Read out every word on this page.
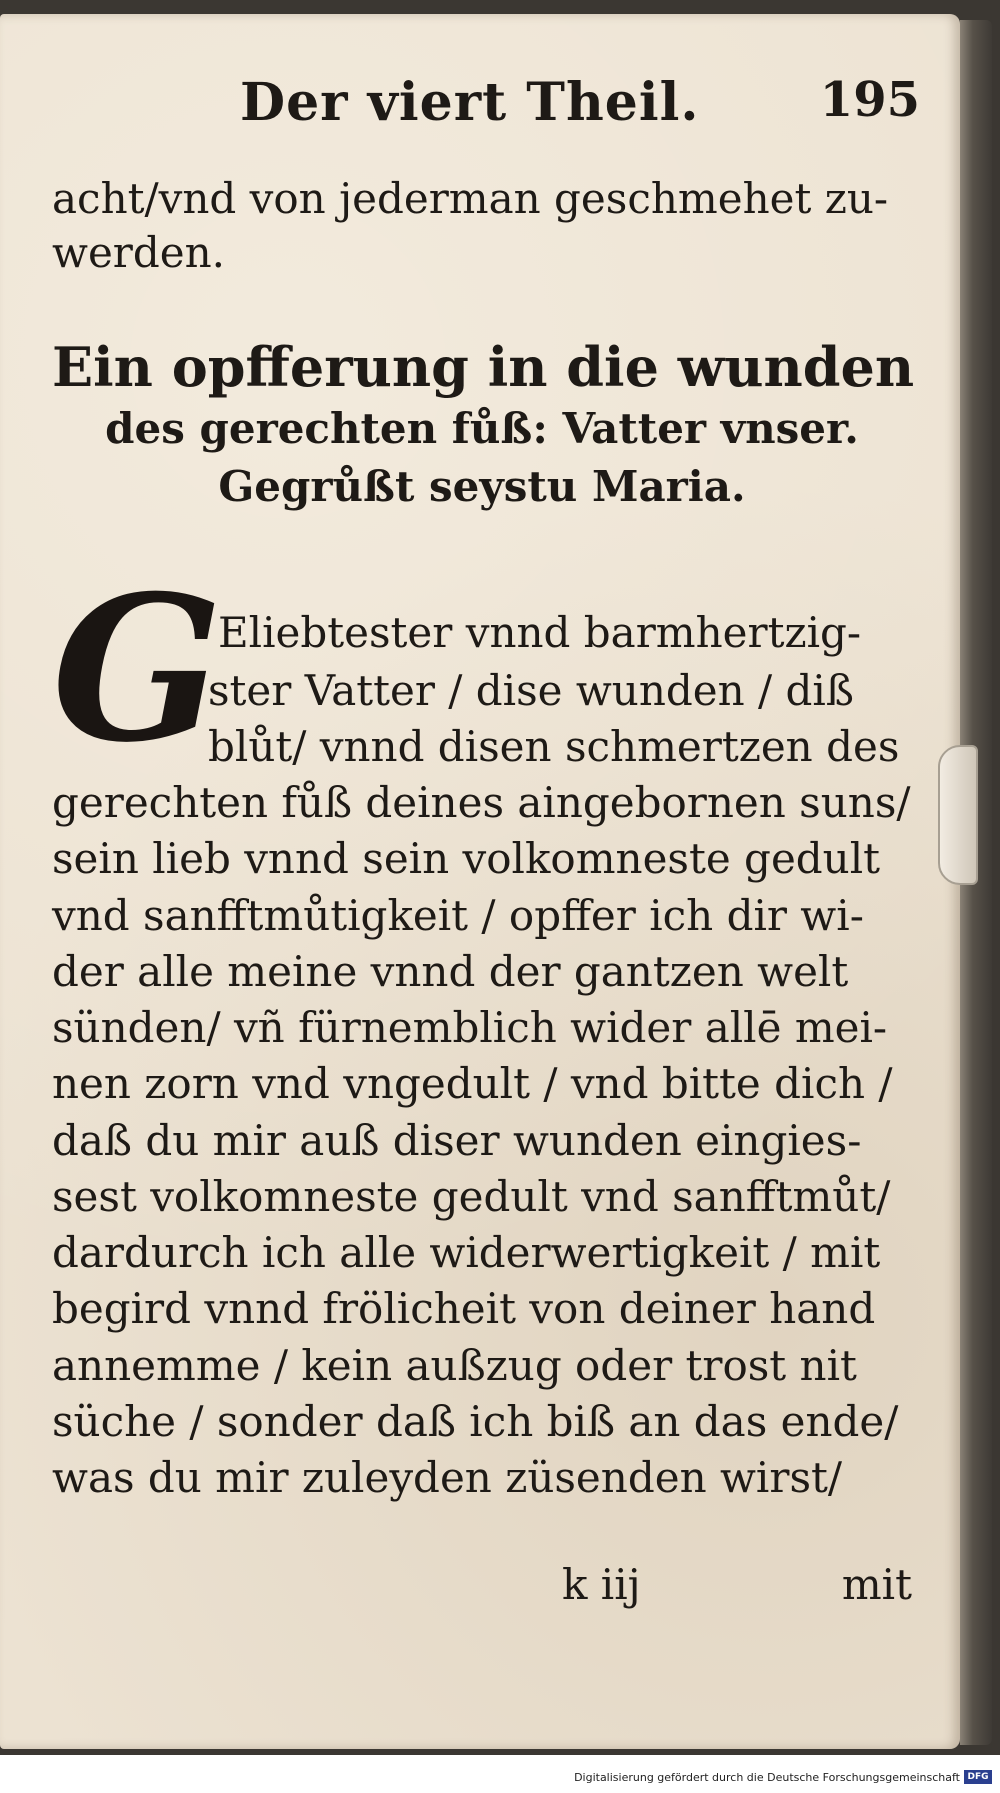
Der viert Theil.	195
acht/vnd von jederman geschmehet zu-
werden.
Ein opfferung in die wunden
des gerechten fůß: Vatter vnser.
Gegrůßt seystu Maria.
G
Eliebtester vnnd barmhertzig-
ster Vatter / dise wunden / diß
blůt/ vnnd disen schmertzen des
gerechten fůß deines aingebornen suns/
sein lieb vnnd sein volkomneste gedult
vnd sanfftmůtigkeit / opffer ich dir wi-
der alle meine vnnd der gantzen welt
sünden/ vñ fürnemblich wider allē mei-
nen zorn vnd vngedult / vnd bitte dich /
daß du mir auß diser wunden eingies-
sest volkomneste gedult vnd sanfftmůt/
dardurch ich alle widerwertigkeit / mit
begird vnnd frölicheit von deiner hand
annemme / kein außzug oder trost nit
süche / sonder daß ich biß an das ende/
was du mir zuleyden züsenden wirst/
k iij	mit
Digitalisierung gefördert durch die Deutsche Forschungsgemeinschaft DFG
